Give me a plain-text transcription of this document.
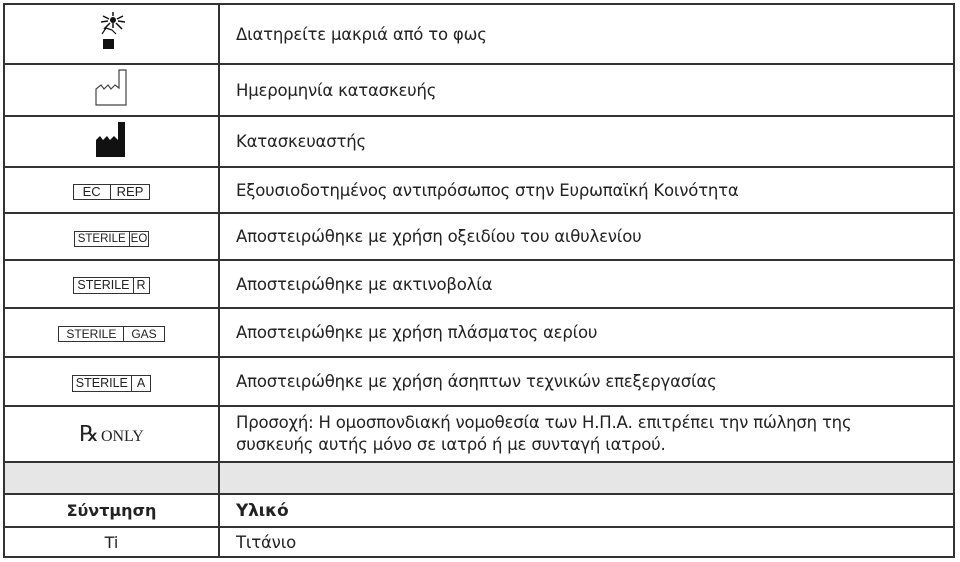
	Διατηρείτε μακριά από το φως
	Ημερομηνία κατασκευής
	Κατασκευαστής

EC REP	Εξουσιοδοτημένος αντιπρόσωπος στην Ευρωπαϊκή Κοινότητα

STERILE EO	Αποστειρώθηκε με χρήση οξειδίου του αιθυλενίου

STERILE R	Αποστειρώθηκε με ακτινοβολία

STERILE GAS	Αποστειρώθηκε με χρήση πλάσματος αερίου

STERILE A	Αποστειρώθηκε με χρήση άσηπτων τεχνικών επεξεργασίας
℞ ONLY	Προσοχή: Η ομοσπονδιακή νομοθεσία των Η.Π.Α. επιτρέπει την πώληση της
συσκευής αυτής μόνο σε ιατρό ή με συνταγή ιατρού.

Σύντμηση	Υλικό
Ti	Τιτάνιο
